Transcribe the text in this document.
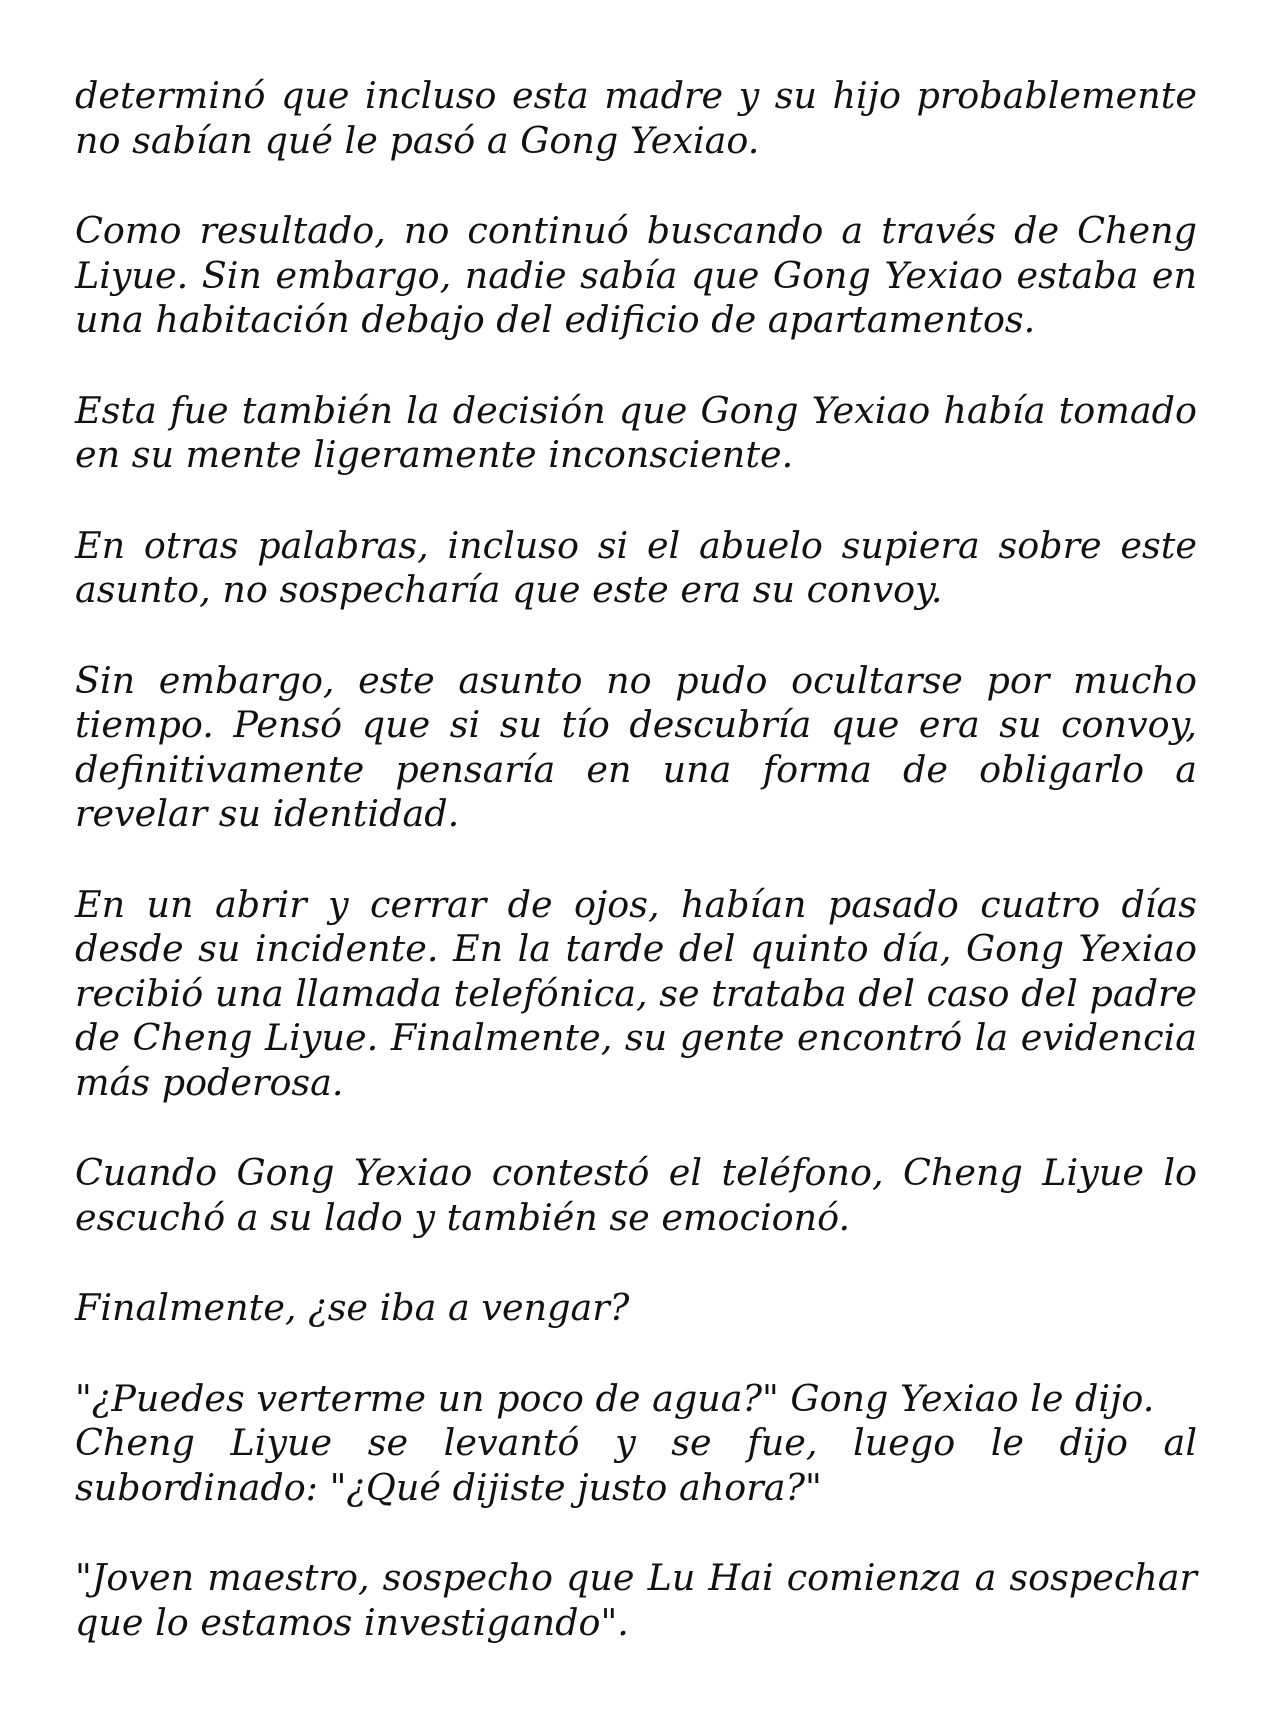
determinó que incluso esta madre y su hijo probablemente no sabían qué le pasó a Gong Yexiao.

Como resultado, no continuó buscando a través de Cheng Liyue. Sin embargo, nadie sabía que Gong Yexiao estaba en una habitación debajo del edificio de apartamentos.

Esta fue también la decisión que Gong Yexiao había tomado en su mente ligeramente inconsciente.

En otras palabras, incluso si el abuelo supiera sobre este asunto, no sospecharía que este era su convoy.

Sin embargo, este asunto no pudo ocultarse por mucho tiempo. Pensó que si su tío descubría que era su convoy, definitivamente pensaría en una forma de obligarlo a revelar su identidad.

En un abrir y cerrar de ojos, habían pasado cuatro días desde su incidente. En la tarde del quinto día, Gong Yexiao recibió una llamada telefónica, se trataba del caso del padre de Cheng Liyue. Finalmente, su gente encontró la evidencia más poderosa.

Cuando Gong Yexiao contestó el teléfono, Cheng Liyue lo escuchó a su lado y también se emocionó.

Finalmente, ¿se iba a vengar?

"¿Puedes verterme un poco de agua?" Gong Yexiao le dijo.

Cheng Liyue se levantó y se fue, luego le dijo al subordinado: "¿Qué dijiste justo ahora?"

"Joven maestro, sospecho que Lu Hai comienza a sospechar que lo estamos investigando".
